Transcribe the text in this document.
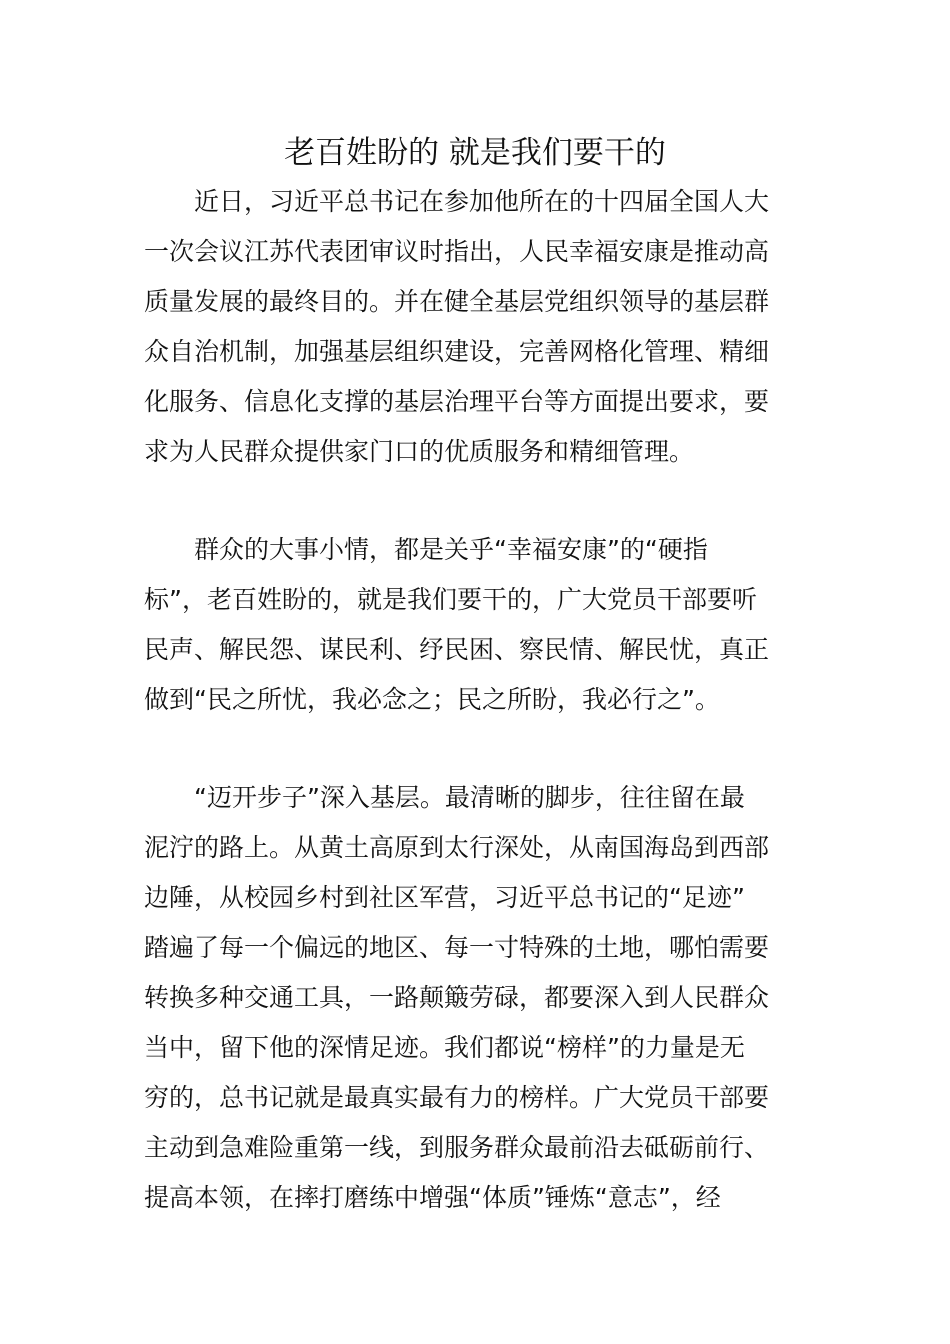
老百姓盼的 就是我们要干的

近日，习近平总书记在参加他所在的十四届全国人大

一次会议江苏代表团审议时指出，人民幸福安康是推动高

质量发展的最终目的。并在健全基层党组织领导的基层群

众自治机制，加强基层组织建设，完善网格化管理、精细

化服务、信息化支撑的基层治理平台等方面提出要求，要

求为人民群众提供家门口的优质服务和精细管理。

群众的大事小情，都是关乎“幸福安康”的“硬指

标”，老百姓盼的，就是我们要干的，广大党员干部要听

民声、解民怨、谋民利、纾民困、察民情、解民忧，真正

做到“民之所忧，我必念之；民之所盼，我必行之”。

“迈开步子”深入基层。最清晰的脚步，往往留在最

泥泞的路上。从黄土高原到太行深处，从南国海岛到西部

边陲，从校园乡村到社区军营，习近平总书记的“足迹”

踏遍了每一个偏远的地区、每一寸特殊的土地，哪怕需要

转换多种交通工具，一路颠簸劳碌，都要深入到人民群众

当中，留下他的深情足迹。我们都说“榜样”的力量是无

穷的，总书记就是最真实最有力的榜样。广大党员干部要

主动到急难险重第一线，到服务群众最前沿去砥砺前行、

提高本领，在摔打磨练中增强“体质”锤炼“意志”，经
